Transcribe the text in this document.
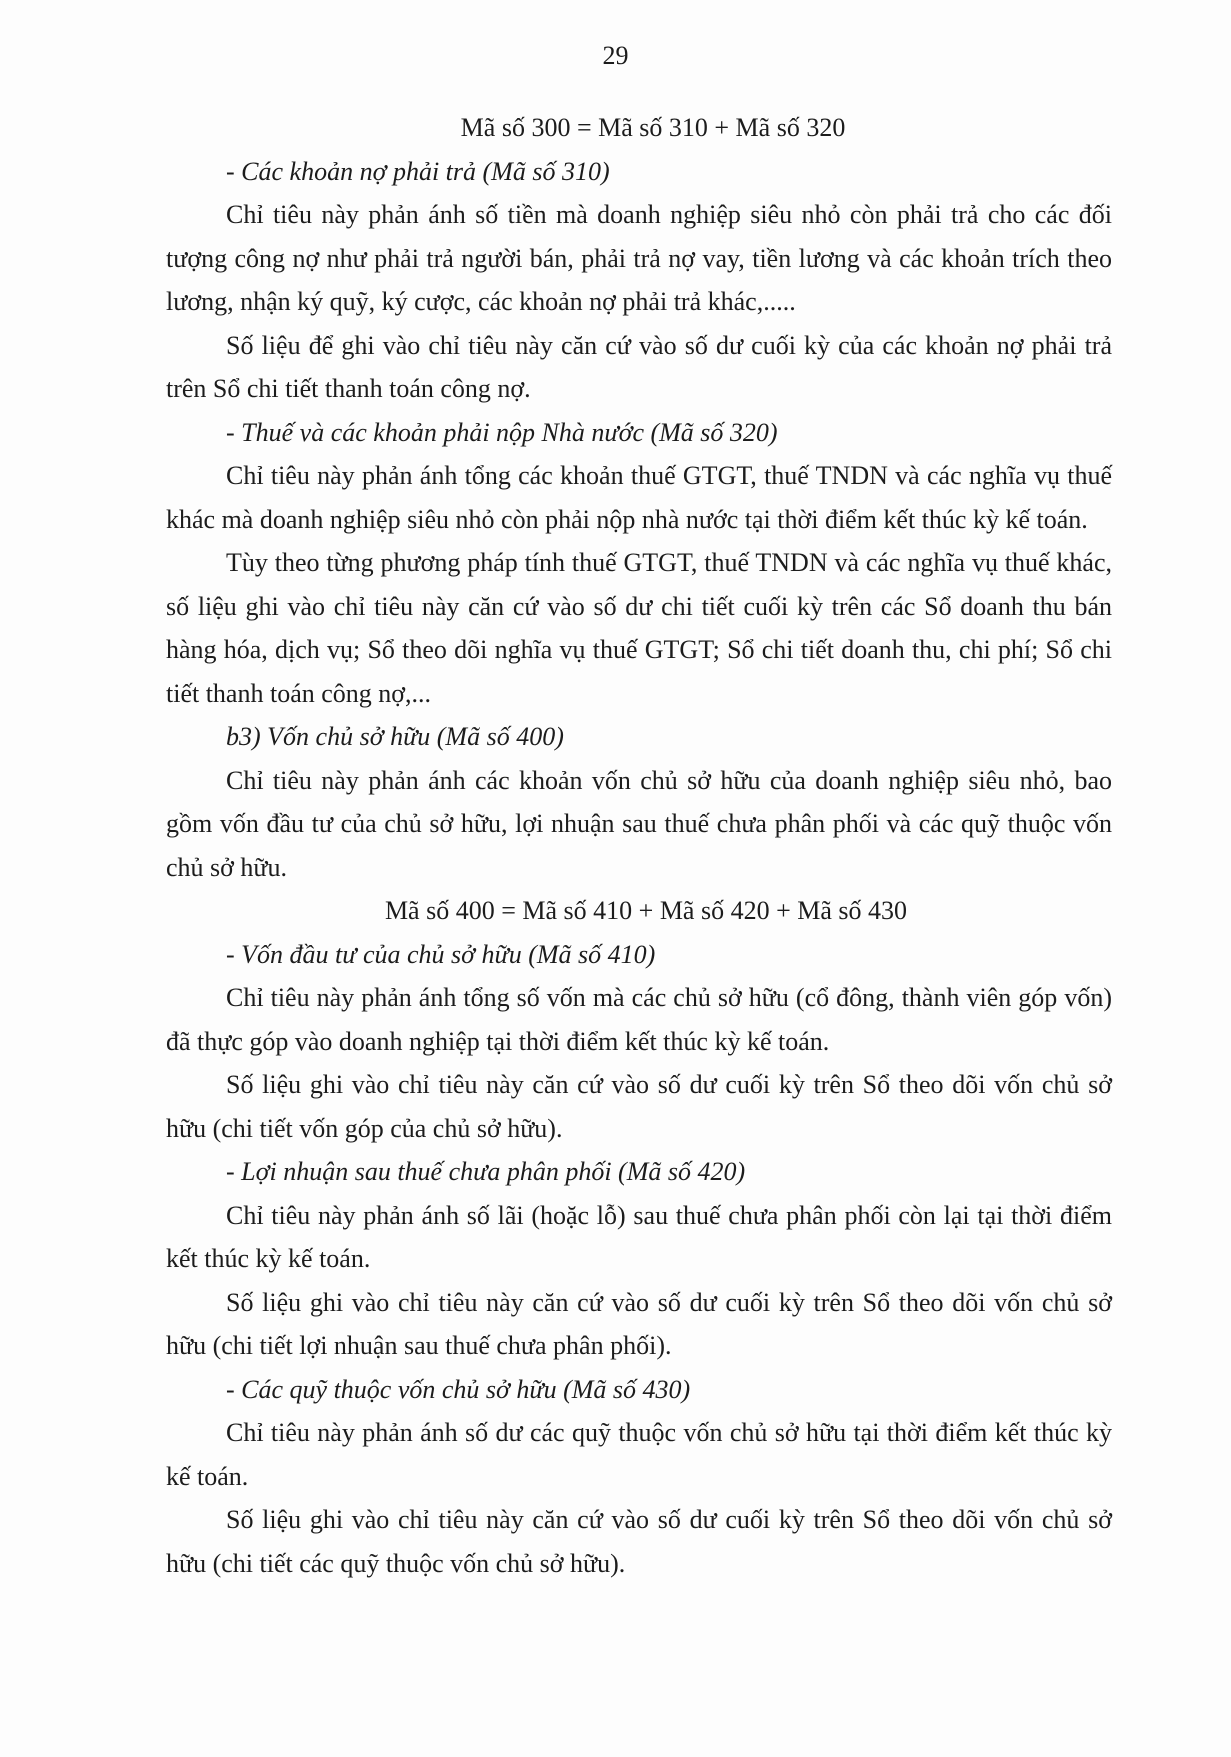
29

Mã số 300 = Mã số 310 + Mã số 320

- Các khoản nợ phải trả (Mã số 310)

Chỉ tiêu này phản ánh số tiền mà doanh nghiệp siêu nhỏ còn phải trả cho các đối tượng công nợ như phải trả người bán, phải trả nợ vay, tiền lương và các khoản trích theo lương, nhận ký quỹ, ký cược, các khoản nợ phải trả khác,.....

Số liệu để ghi vào chỉ tiêu này căn cứ vào số dư cuối kỳ của các khoản nợ phải trả trên Sổ chi tiết thanh toán công nợ.

- Thuế và các khoản phải nộp Nhà nước (Mã số 320)

Chỉ tiêu này phản ánh tổng các khoản thuế GTGT, thuế TNDN và các nghĩa vụ thuế khác mà doanh nghiệp siêu nhỏ còn phải nộp nhà nước tại thời điểm kết thúc kỳ kế toán.

Tùy theo từng phương pháp tính thuế GTGT, thuế TNDN và các nghĩa vụ thuế khác, số liệu ghi vào chỉ tiêu này căn cứ vào số dư chi tiết cuối kỳ trên các Sổ doanh thu bán hàng hóa, dịch vụ; Sổ theo dõi nghĩa vụ thuế GTGT; Sổ chi tiết doanh thu, chi phí; Sổ chi tiết thanh toán công nợ,...

b3) Vốn chủ sở hữu (Mã số 400)

Chỉ tiêu này phản ánh các khoản vốn chủ sở hữu của doanh nghiệp siêu nhỏ, bao gồm vốn đầu tư của chủ sở hữu, lợi nhuận sau thuế chưa phân phối và các quỹ thuộc vốn chủ sở hữu.

Mã số 400 = Mã số 410 + Mã số 420 + Mã số 430

- Vốn đầu tư của chủ sở hữu (Mã số 410)

Chỉ tiêu này phản ánh tổng số vốn mà các chủ sở hữu (cổ đông, thành viên góp vốn) đã thực góp vào doanh nghiệp tại thời điểm kết thúc kỳ kế toán.

Số liệu ghi vào chỉ tiêu này căn cứ vào số dư cuối kỳ trên Sổ theo dõi vốn chủ sở hữu (chi tiết vốn góp của chủ sở hữu).

- Lợi nhuận sau thuế chưa phân phối (Mã số 420)

Chỉ tiêu này phản ánh số lãi (hoặc lỗ) sau thuế chưa phân phối còn lại tại thời điểm kết thúc kỳ kế toán.

Số liệu ghi vào chỉ tiêu này căn cứ vào số dư cuối kỳ trên Sổ theo dõi vốn chủ sở hữu (chi tiết lợi nhuận sau thuế chưa phân phối).

- Các quỹ thuộc vốn chủ sở hữu (Mã số 430)

Chỉ tiêu này phản ánh số dư các quỹ thuộc vốn chủ sở hữu tại thời điểm kết thúc kỳ kế toán.

Số liệu ghi vào chỉ tiêu này căn cứ vào số dư cuối kỳ trên Sổ theo dõi vốn chủ sở hữu (chi tiết các quỹ thuộc vốn chủ sở hữu).
